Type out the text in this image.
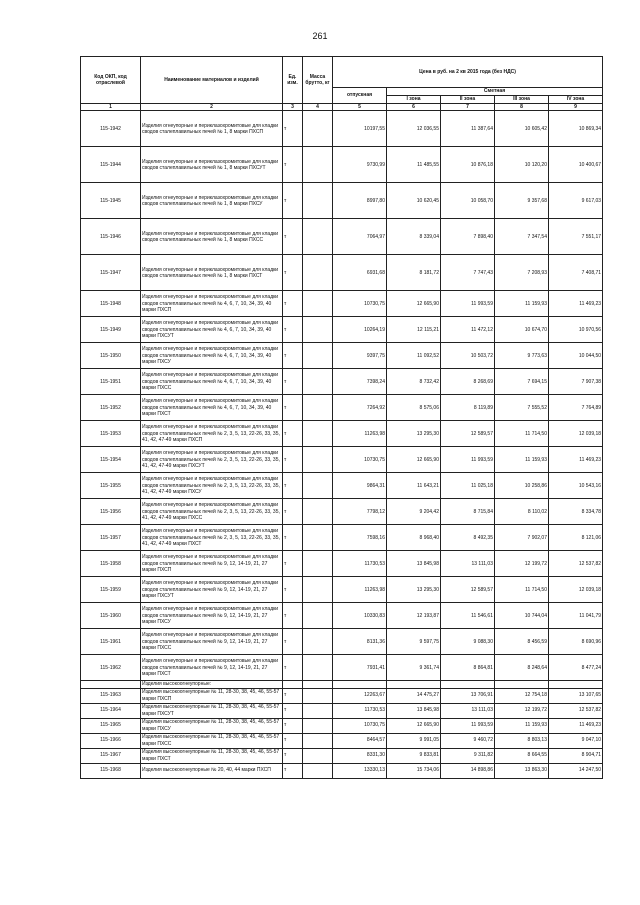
261
Код ОКП, код отраслевой	Наименование материалов и изделий	Ед. изм.	Масса брутто, кг	Цена в руб. на 2 кв 2015 года (без НДС)				
				отпускная	Сметная			
					I зона	II зона	III зона	IV зона
1	2	3	4	5	6	7	8	9
115-1942	Изделия огнеупорные и периклазохромитовые для кладки сводов сталеплавильных печей № 1, 8 марки ПХСП	т		10197,55	12 036,55	11 387,64	10 605,42	10 869,34
115-1944	Изделия огнеупорные и периклазохромитовые для кладки сводов сталеплавильных печей № 1, 8 марки ПХСУТ	т		9730,99	11 485,55	10 876,18	10 120,20	10 400,67
115-1945	Изделия огнеупорные и периклазохромитовые для кладки сводов сталеплавильных печей № 1, 8 марки ПХСУ	т		8997,80	10 620,45	10 058,70	9 357,68	9 617,03
115-1946	Изделия огнеупорные и периклазохромитовые для кладки сводов сталеплавильных печей № 1, 8 марки ПХСС	т		7064,97	8 339,04	7 898,40	7 347,54	7 551,17
115-1947	Изделия огнеупорные и периклазохромитовые для кладки сводов сталеплавильных печей № 1, 8 марки ПХСТ	т		6931,68	8 181,72	7 747,43	7 208,93	7 408,71
115-1948	Изделия огнеупорные и периклазохромитовые для кладки сводов сталеплавильных печей № 4, 6, 7, 10, 34, 39, 40 марки ПХСП	т		10730,75	12 665,90	11 993,59	11 159,93	11 469,23
115-1949	Изделия огнеупорные и периклазохромитовые для кладки сводов сталеплавильных печей № 4, 6, 7, 10, 34, 39, 40 марки ПХСУТ	т		10264,19	12 115,21	11 472,12	10 674,70	10 970,56
115-1950	Изделия огнеупорные и периклазохромитовые для кладки сводов сталеплавильных печей № 4, 6, 7, 10, 34, 39, 40 марки ПХСУ	т		9397,75	11 092,52	10 503,72	9 773,63	10 044,50
115-1951	Изделия огнеупорные и периклазохромитовые для кладки сводов сталеплавильных печей № 4, 6, 7, 10, 34, 39, 40 марки ПХСС	т		7398,24	8 732,42	8 268,69	7 694,15	7 907,38
115-1952	Изделия огнеупорные и периклазохромитовые для кладки сводов сталеплавильных печей № 4, 6, 7, 10, 34, 39, 40 марки ПХСТ	т		7264,92	8 575,06	8 119,89	7 555,52	7 764,89
115-1953	Изделия огнеупорные и периклазохромитовые для кладки сводов сталеплавильных печей № 2, 3, 5, 13, 22-26, 33, 35, 41, 42, 47-49 марки ПХСП	т		11263,98	13 295,30	12 589,57	11 714,50	12 039,18
115-1954	Изделия огнеупорные и периклазохромитовые для кладки сводов сталеплавильных печей № 2, 3, 5, 13, 22-26, 33, 35, 41, 42, 47-49 марки ПХСУТ	т		10730,75	12 665,90	11 993,59	11 159,93	11 469,23
115-1955	Изделия огнеупорные и периклазохромитовые для кладки сводов сталеплавильных печей № 2, 3, 5, 13, 22-26, 33, 35, 41, 42, 47-49 марки ПХСУ	т		9864,31	11 643,21	11 025,18	10 258,86	10 543,16
115-1956	Изделия огнеупорные и периклазохромитовые для кладки сводов сталеплавильных печей № 2, 3, 5, 13, 22-26, 33, 35, 41, 42, 47-49 марки ПХСС	т		7798,12	9 204,42	8 715,84	8 110,02	8 334,78
115-1957	Изделия огнеупорные и периклазохромитовые для кладки сводов сталеплавильных печей № 2, 3, 5, 13, 22-26, 33, 35, 41, 42, 47-49 марки ПХСТ	т		7598,16	8 968,40	8 492,35	7 902,07	8 121,06
115-1958	Изделия огнеупорные и периклазохромитовые для кладки сводов сталеплавильных печей № 9, 12, 14-19, 21, 27 марки ПХСП	т		11730,53	13 845,98	13 111,03	12 199,72	12 537,82
115-1959	Изделия огнеупорные и периклазохромитовые для кладки сводов сталеплавильных печей № 9, 12, 14-19, 21, 27 марки ПХСУТ	т		11263,98	13 295,30	12 589,57	11 714,50	12 039,18
115-1960	Изделия огнеупорные и периклазохромитовые для кладки сводов сталеплавильных печей № 9, 12, 14-19, 21, 27 марки ПХСУ	т		10330,83	12 193,87	11 546,61	10 744,04	11 041,79
115-1961	Изделия огнеупорные и периклазохромитовые для кладки сводов сталеплавильных печей № 9, 12, 14-19, 21, 27 марки ПХСС	т		8131,36	9 597,75	9 088,30	8 456,59	8 690,96
115-1962	Изделия огнеупорные и периклазохромитовые для кладки сводов сталеплавильных печей № 9, 12, 14-19, 21, 27 марки ПХСТ	т		7931,41	9 361,74	8 864,81	8 248,64	8 477,24
	Изделия высокоогнеупорные:							
115-1963	Изделия высокоогнеупорные № 11, 28-30, 38, 45, 46, 55-57 марки ПХСП	т		12263,67	14 475,27	13 706,91	12 754,18	13 107,65
115-1964	Изделия высокоогнеупорные № 11, 28-30, 38, 45, 46, 55-57 марки ПХСУТ	т		11730,53	13 845,98	13 111,03	12 199,72	12 537,82
115-1965	Изделия высокоогнеупорные № 11, 28-30, 38, 45, 46, 55-57 марки ПХСУ	т		10730,75	12 665,90	11 993,59	11 159,93	11 469,23
115-1966	Изделия высокоогнеупорные № 11, 28-30, 38, 45, 46, 55-57 марки ПХСС	т		8464,57	9 991,05	9 460,72	8 803,13	9 047,10
115-1967	Изделия высокоогнеупорные № 11, 28-30, 38, 45, 46, 55-57 марки ПХСТ	т		8331,30	9 833,81	9 311,82	8 664,55	8 904,71
115-1968	Изделия высокоогнеупорные № 20, 40, 44 марки ПХСП	т		13330,13	15 734,06	14 898,86	13 863,30	14 247,50
